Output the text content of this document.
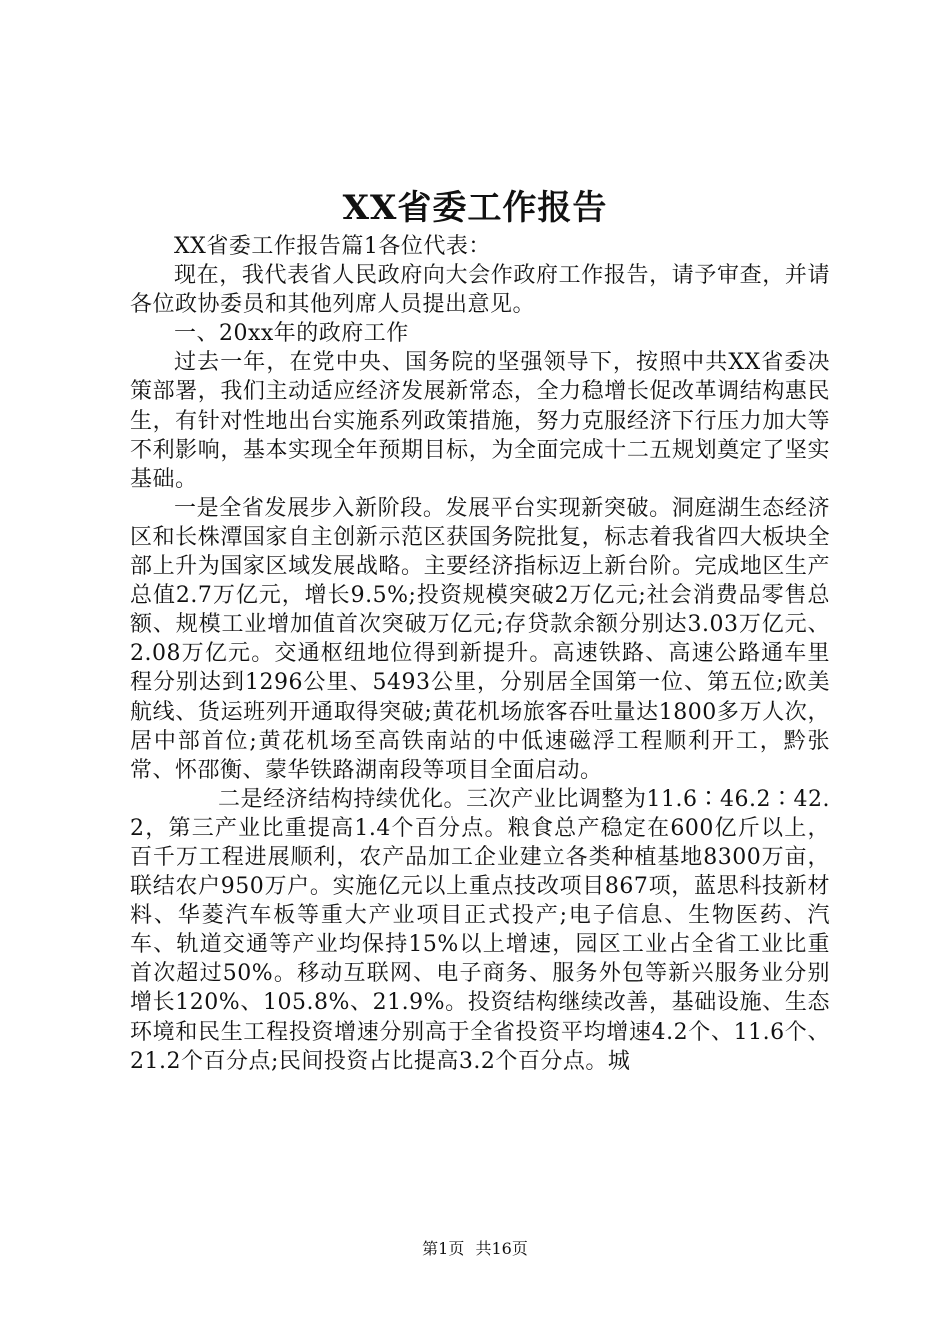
XX省委工作报告

XX省委工作报告篇1各位代表：

现在，我代表省人民政府向大会作政府工作报告，请予审查，并请各位政协委员和其他列席人员提出意见。

一、20xx年的政府工作

过去一年，在党中央、国务院的坚强领导下，按照中共XX省委决策部署，我们主动适应经济发展新常态，全力稳增长促改革调结构惠民生，有针对性地出台实施系列政策措施，努力克服经济下行压力加大等不利影响，基本实现全年预期目标，为全面完成十二五规划奠定了坚实基础。

一是全省发展步入新阶段。发展平台实现新突破。洞庭湖生态经济区和长株潭国家自主创新示范区获国务院批复，标志着我省四大板块全部上升为国家区域发展战略。主要经济指标迈上新台阶。完成地区生产总值2.7万亿元，增长9.5%;投资规模突破2万亿元;社会消费品零售总额、规模工业增加值首次突破万亿元;存贷款余额分别达3.03万亿元、2.08万亿元。交通枢纽地位得到新提升。高速铁路、高速公路通车里程分别达到1296公里、5493公里，分别居全国第一位、第五位;欧美航线、货运班列开通取得突破;黄花机场旅客吞吐量达1800多万人次，居中部首位;黄花机场至高铁南站的中低速磁浮工程顺利开工，黔张常、怀邵衡、蒙华铁路湖南段等项目全面启动。

二是经济结构持续优化。三次产业比调整为11.6∶46.2∶42.2，第三产业比重提高1.4个百分点。粮食总产稳定在600亿斤以上，百千万工程进展顺利，农产品加工企业建立各类种植基地8300万亩，联结农户950万户。实施亿元以上重点技改项目867项，蓝思科技新材料、华菱汽车板等重大产业项目正式投产;电子信息、生物医药、汽车、轨道交通等产业均保持15%以上增速，园区工业占全省工业比重首次超过50%。移动互联网、电子商务、服务外包等新兴服务业分别增长120%、105.8%、21.9%。投资结构继续改善，基础设施、生态环境和民生工程投资增速分别高于全省投资平均增速4.2个、11.6个、21.2个百分点;民间投资占比提高3.2个百分点。城

第1页 共16页
